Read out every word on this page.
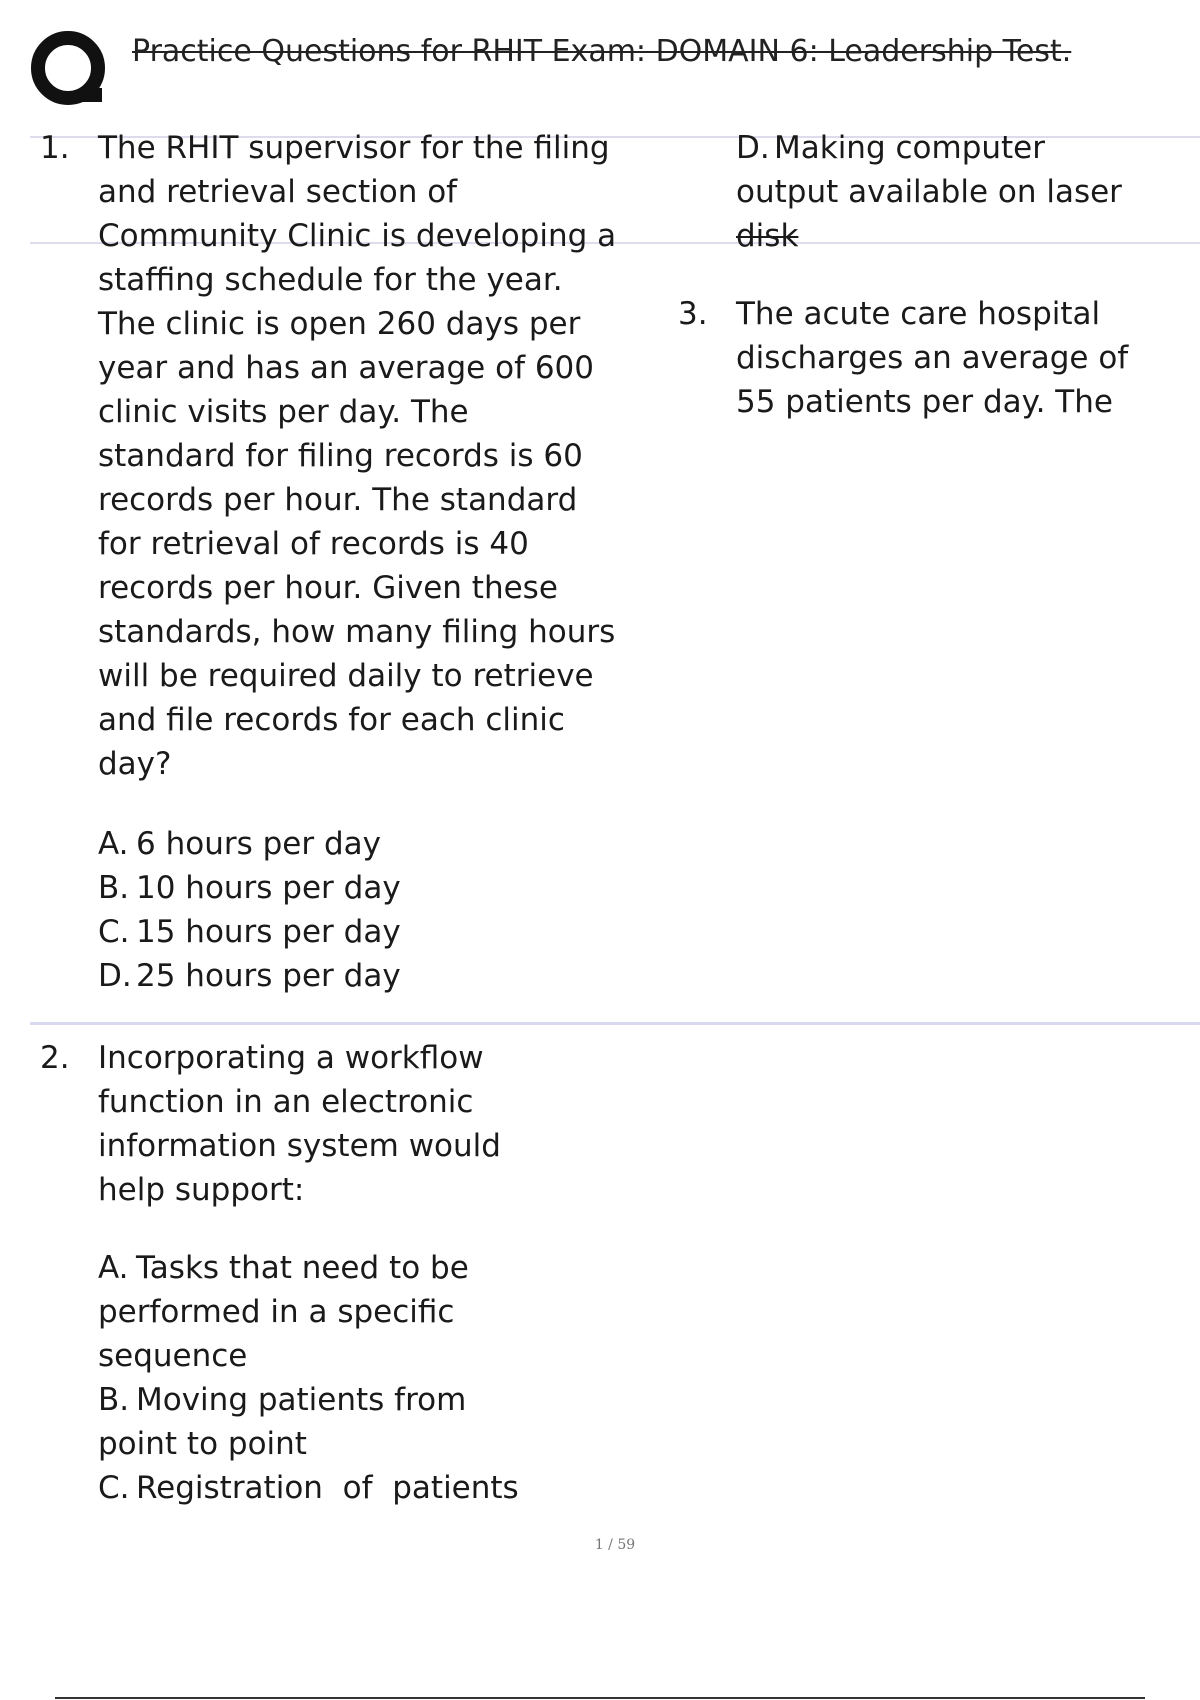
Practice Questions for RHIT Exam: DOMAIN 6: Leadership Test.
1. The RHIT supervisor for the filing
and retrieval section of
Community Clinic is developing a
staffing schedule for the year.
The clinic is open 260 days per
year and has an average of 600
clinic visits per day. The
standard for filing records is 60
records per hour. The standard
for retrieval of records is 40
records per hour. Given these
standards, how many filing hours
will be required daily to retrieve
and file records for each clinic
day?
A. 6 hours per day
B. 10 hours per day
C. 15 hours per day
D. 25 hours per day
2. Incorporating a workflow
function in an electronic
information system would
help support:
A. Tasks that need to be
performed in a specific
sequence
B. Moving patients from
point to point
C. Registration  of  patients
D. Making computer
output available on laser
disk
3. The acute care hospital
discharges an average of
55 patients per day. The
1 / 59
